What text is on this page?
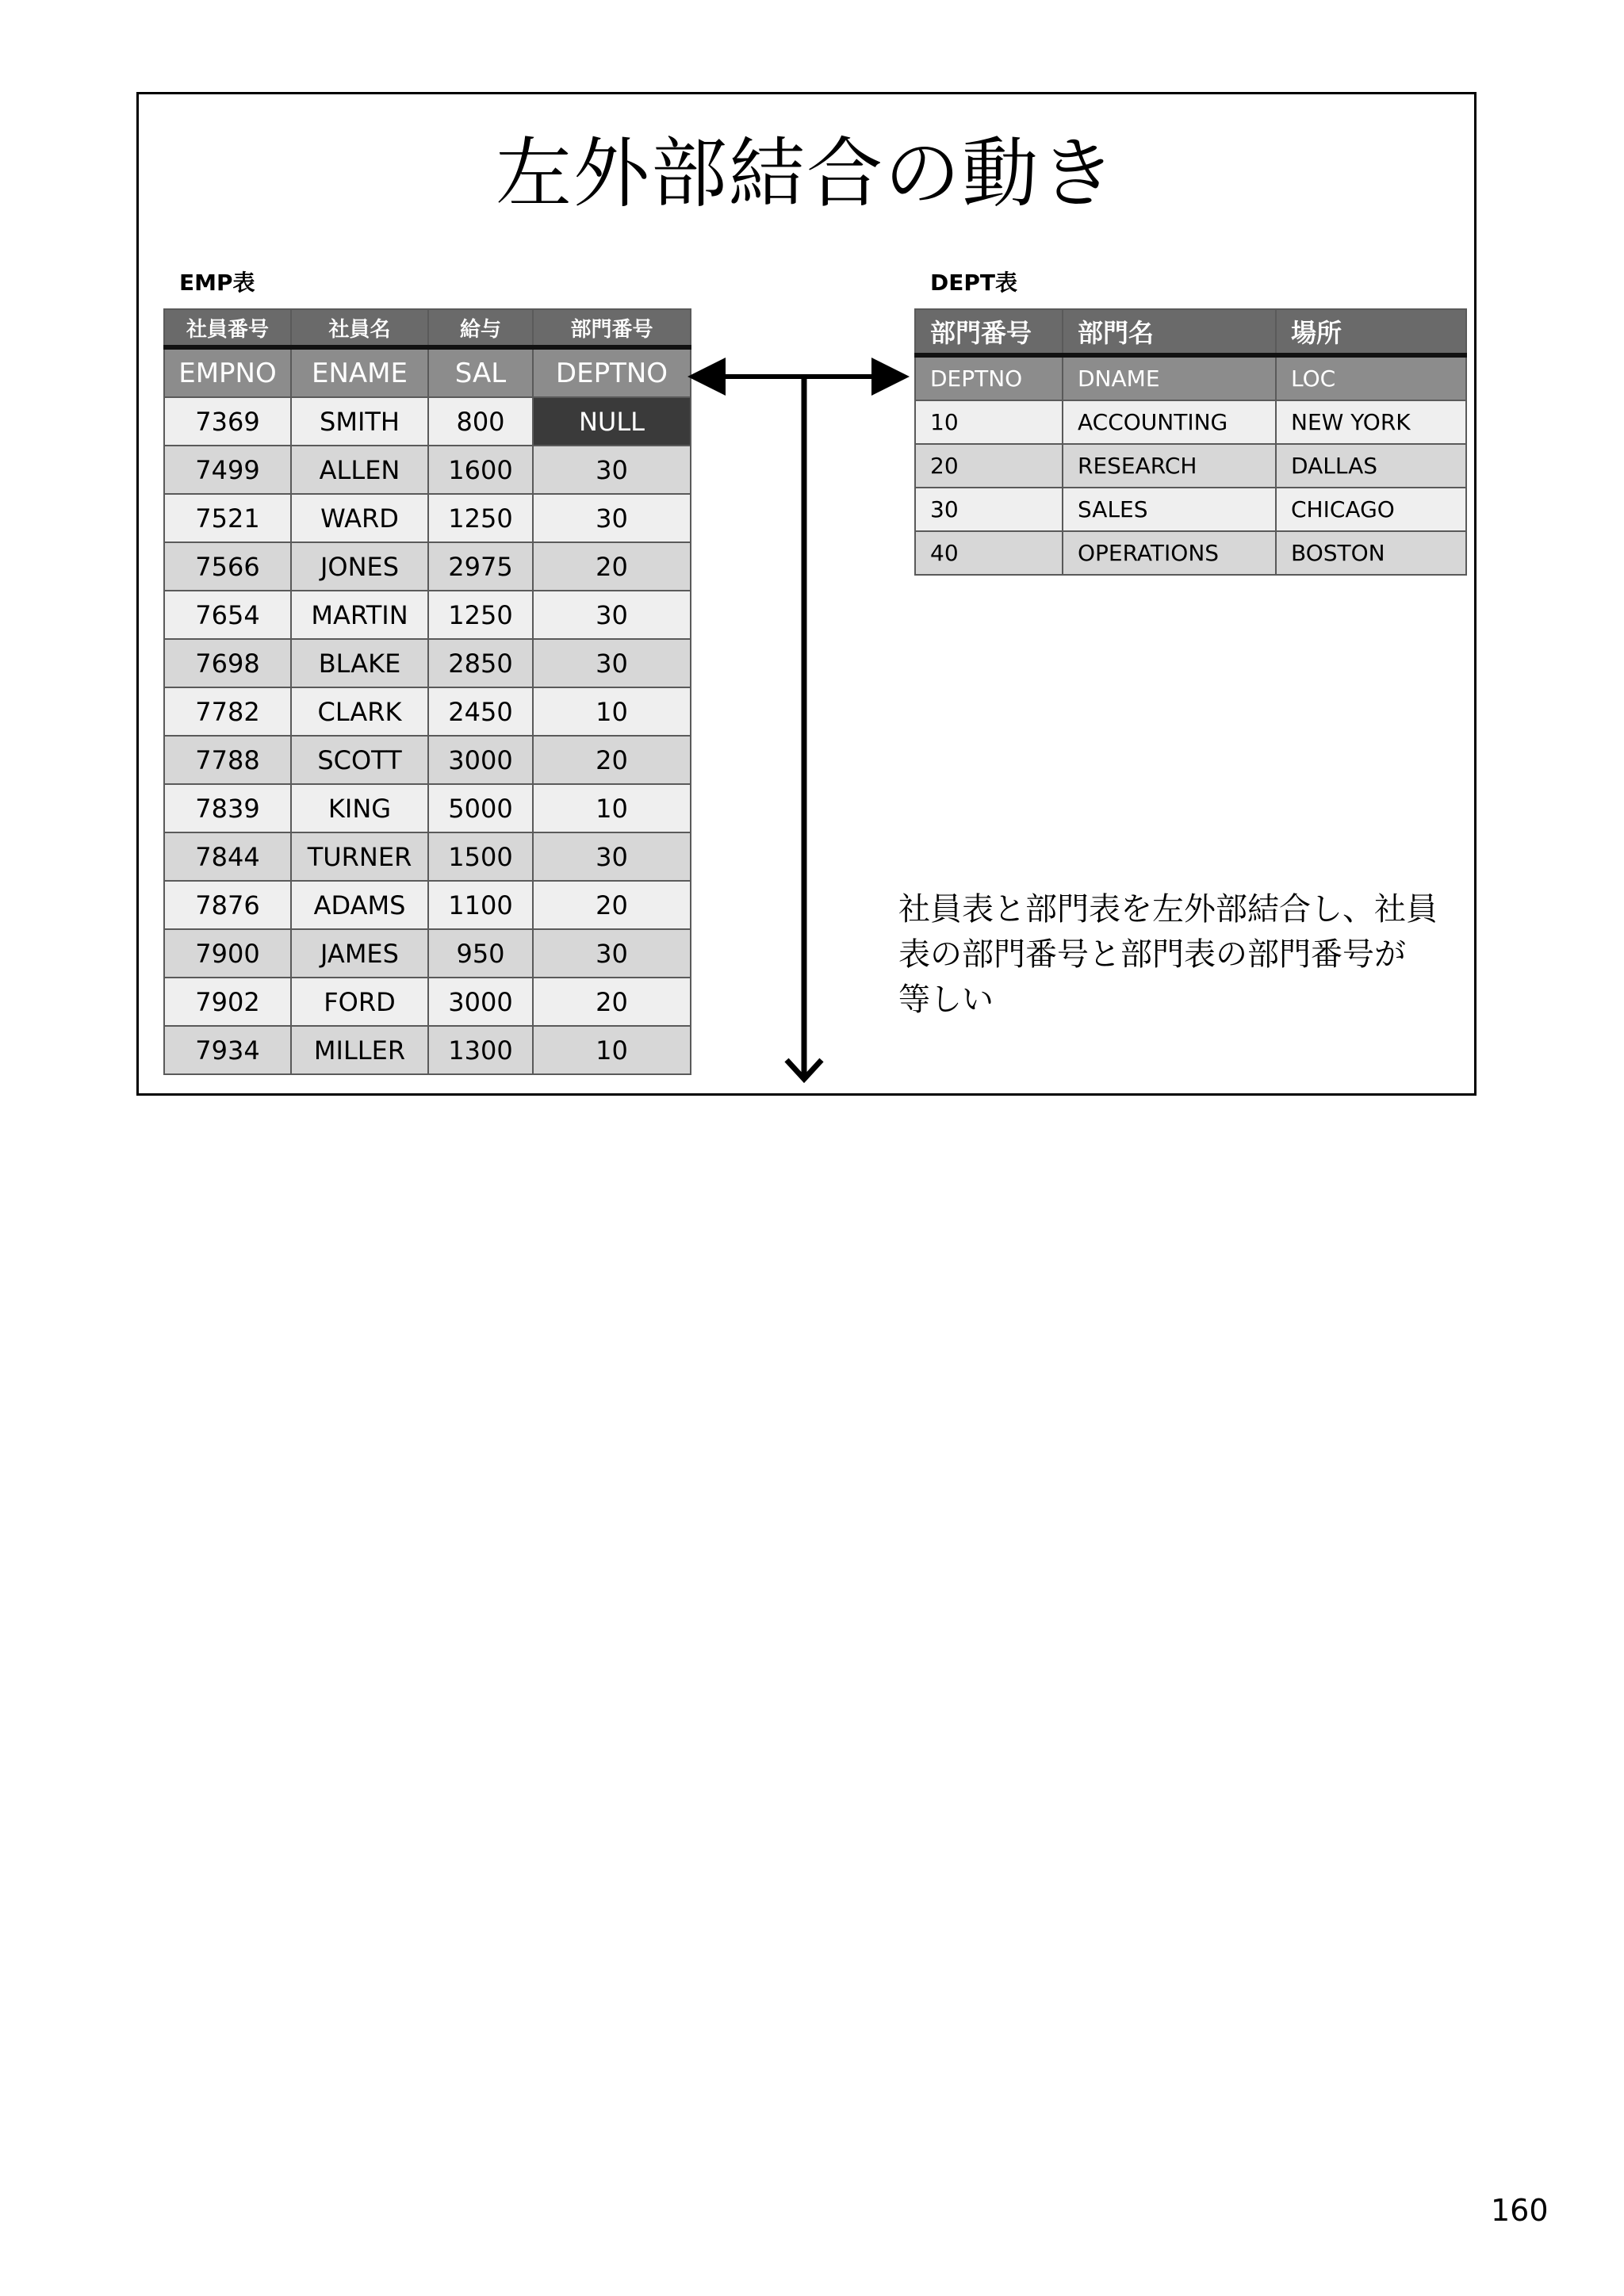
左外部結合の動き
EMP表	DEPT表
社員番号	社員名	給与	部門番号
EMPNO	ENAME	SAL	DEPTNO
7369	SMITH	800	NULL
7499	ALLEN	1600	30
7521	WARD	1250	30
7566	JONES	2975	20
7654	MARTIN	1250	30
7698	BLAKE	2850	30
7782	CLARK	2450	10
7788	SCOTT	3000	20
7839	KING	5000	10
7844	TURNER	1500	30
7876	ADAMS	1100	20
7900	JAMES	950	30
7902	FORD	3000	20
7934	MILLER	1300	10
部門番号	部門名	場所
DEPTNO	DNAME	LOC
10	ACCOUNTING	NEW YORK
20	RESEARCH	DALLAS
30	SALES	CHICAGO
40	OPERATIONS	BOSTON
社員表と部門表を左外部結合し、社員
表の部門番号と部門表の部門番号が
等しい
160
